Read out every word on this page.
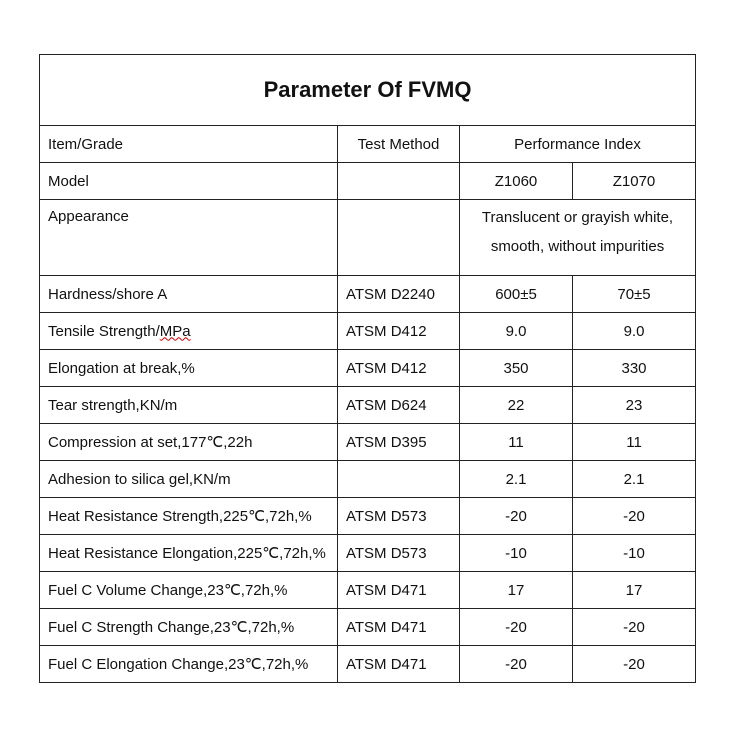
Parameter Of FVMQ			
Item/Grade	Test Method	Performance Index	
Model		Z1060	Z1070
Appearance		Translucent or grayish white,
smooth, without impurities	

Hardness/shore A	ATSM D2240	600±5	70±5
Tensile Strength/MPa	ATSM D412	9.0	9.0
Elongation at break,%	ATSM D412	350	330
Tear strength,KN/m	ATSM D624	22	23
Compression at set,177℃,22h	ATSM D395	11	11
Adhesion to silica gel,KN/m		2.1	2.1
Heat Resistance Strength,225℃,72h,%	ATSM D573	-20	-20
Heat Resistance Elongation,225℃,72h,%	ATSM D573	-10	-10
Fuel C Volume Change,23℃,72h,%	ATSM D471	17	17
Fuel C Strength Change,23℃,72h,%	ATSM D471	-20	-20
Fuel C Elongation Change,23℃,72h,%	ATSM D471	-20	-20
